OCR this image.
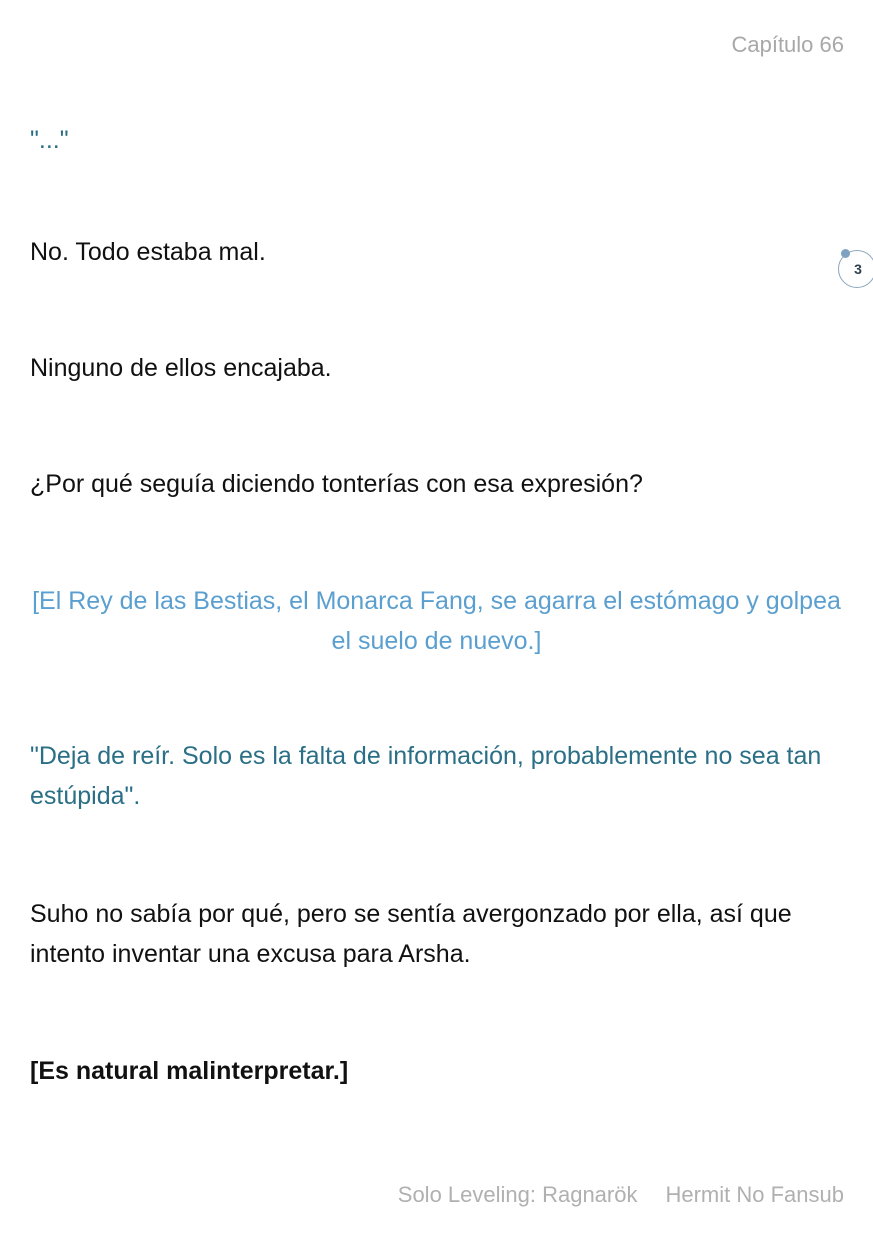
Capítulo 66
"..."
No. Todo estaba mal.
3
Ninguno de ellos encajaba.
¿Por qué seguía diciendo tonterías con esa expresión?
[El Rey de las Bestias, el Monarca Fang, se agarra el estómago y golpea el suelo de nuevo.]
"Deja de reír. Solo es la falta de información, probablemente no sea tan estúpida".
Suho no sabía por qué, pero se sentía avergonzado por ella, así que intento inventar una excusa para Arsha.
[Es natural malinterpretar.]
Solo Leveling: Ragnarök Hermit No Fansub
